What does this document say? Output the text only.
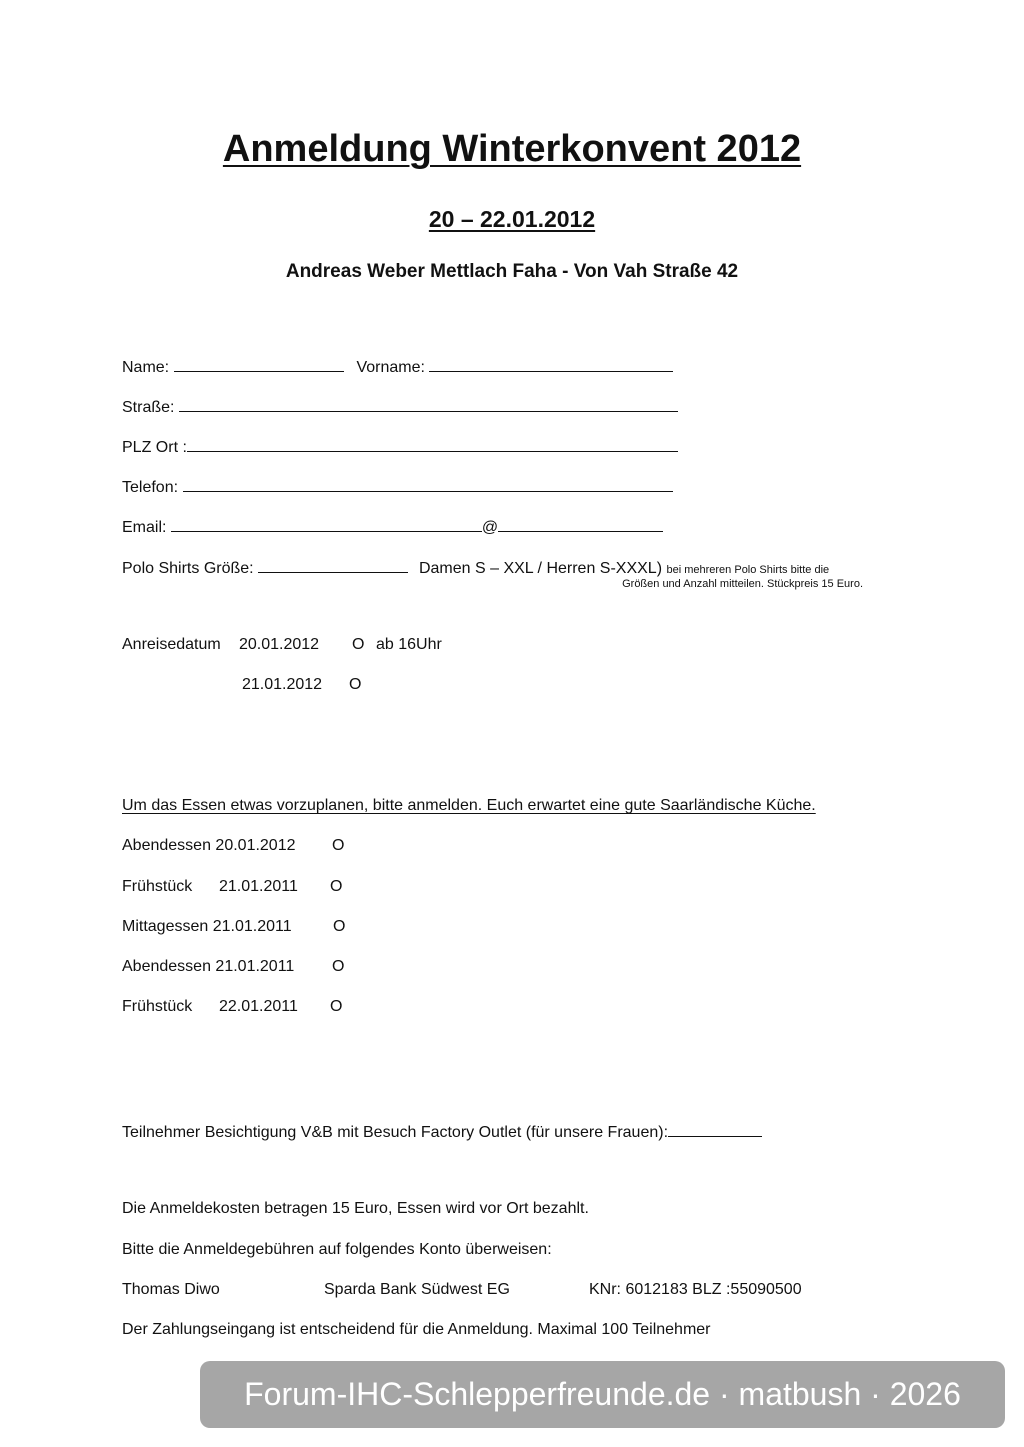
Anmeldung Winterkonvent 2012
20 – 22.01.2012
Andreas Weber Mettlach Faha - Von Vah Straße 42
Name:	Vorname:
Straße:
PLZ Ort :
Telefon:
Email:	@
Polo Shirts Größe:	Damen S – XXL / Herren S-XXXL) bei mehreren Polo Shirts bitte die
Größen und Anzahl mitteilen. Stückpreis 15 Euro.
Anreisedatum 20.01.2012 O ab 16Uhr
21.01.2012 O
Um das Essen etwas vorzuplanen, bitte anmelden. Euch erwartet eine gute Saarländische Küche.
Abendessen 20.01.2012 O
Frühstück 21.01.2011 O
Mittagessen 21.01.2011	O
Abendessen 21.01.2011 O
Frühstück 22.01.2011 O
Teilnehmer Besichtigung V&B mit Besuch Factory Outlet (für unsere Frauen):
Die Anmeldekosten betragen 15 Euro, Essen wird vor Ort bezahlt.
Bitte die Anmeldegebühren auf folgendes Konto überweisen:
Thomas Diwo	Sparda Bank Südwest EG	KNr: 6012183 BLZ :55090500
Der Zahlungseingang ist entscheidend für die Anmeldung. Maximal 100 Teilnehmer
Forum-IHC-Schlepperfreunde.de · matbush · 2026
